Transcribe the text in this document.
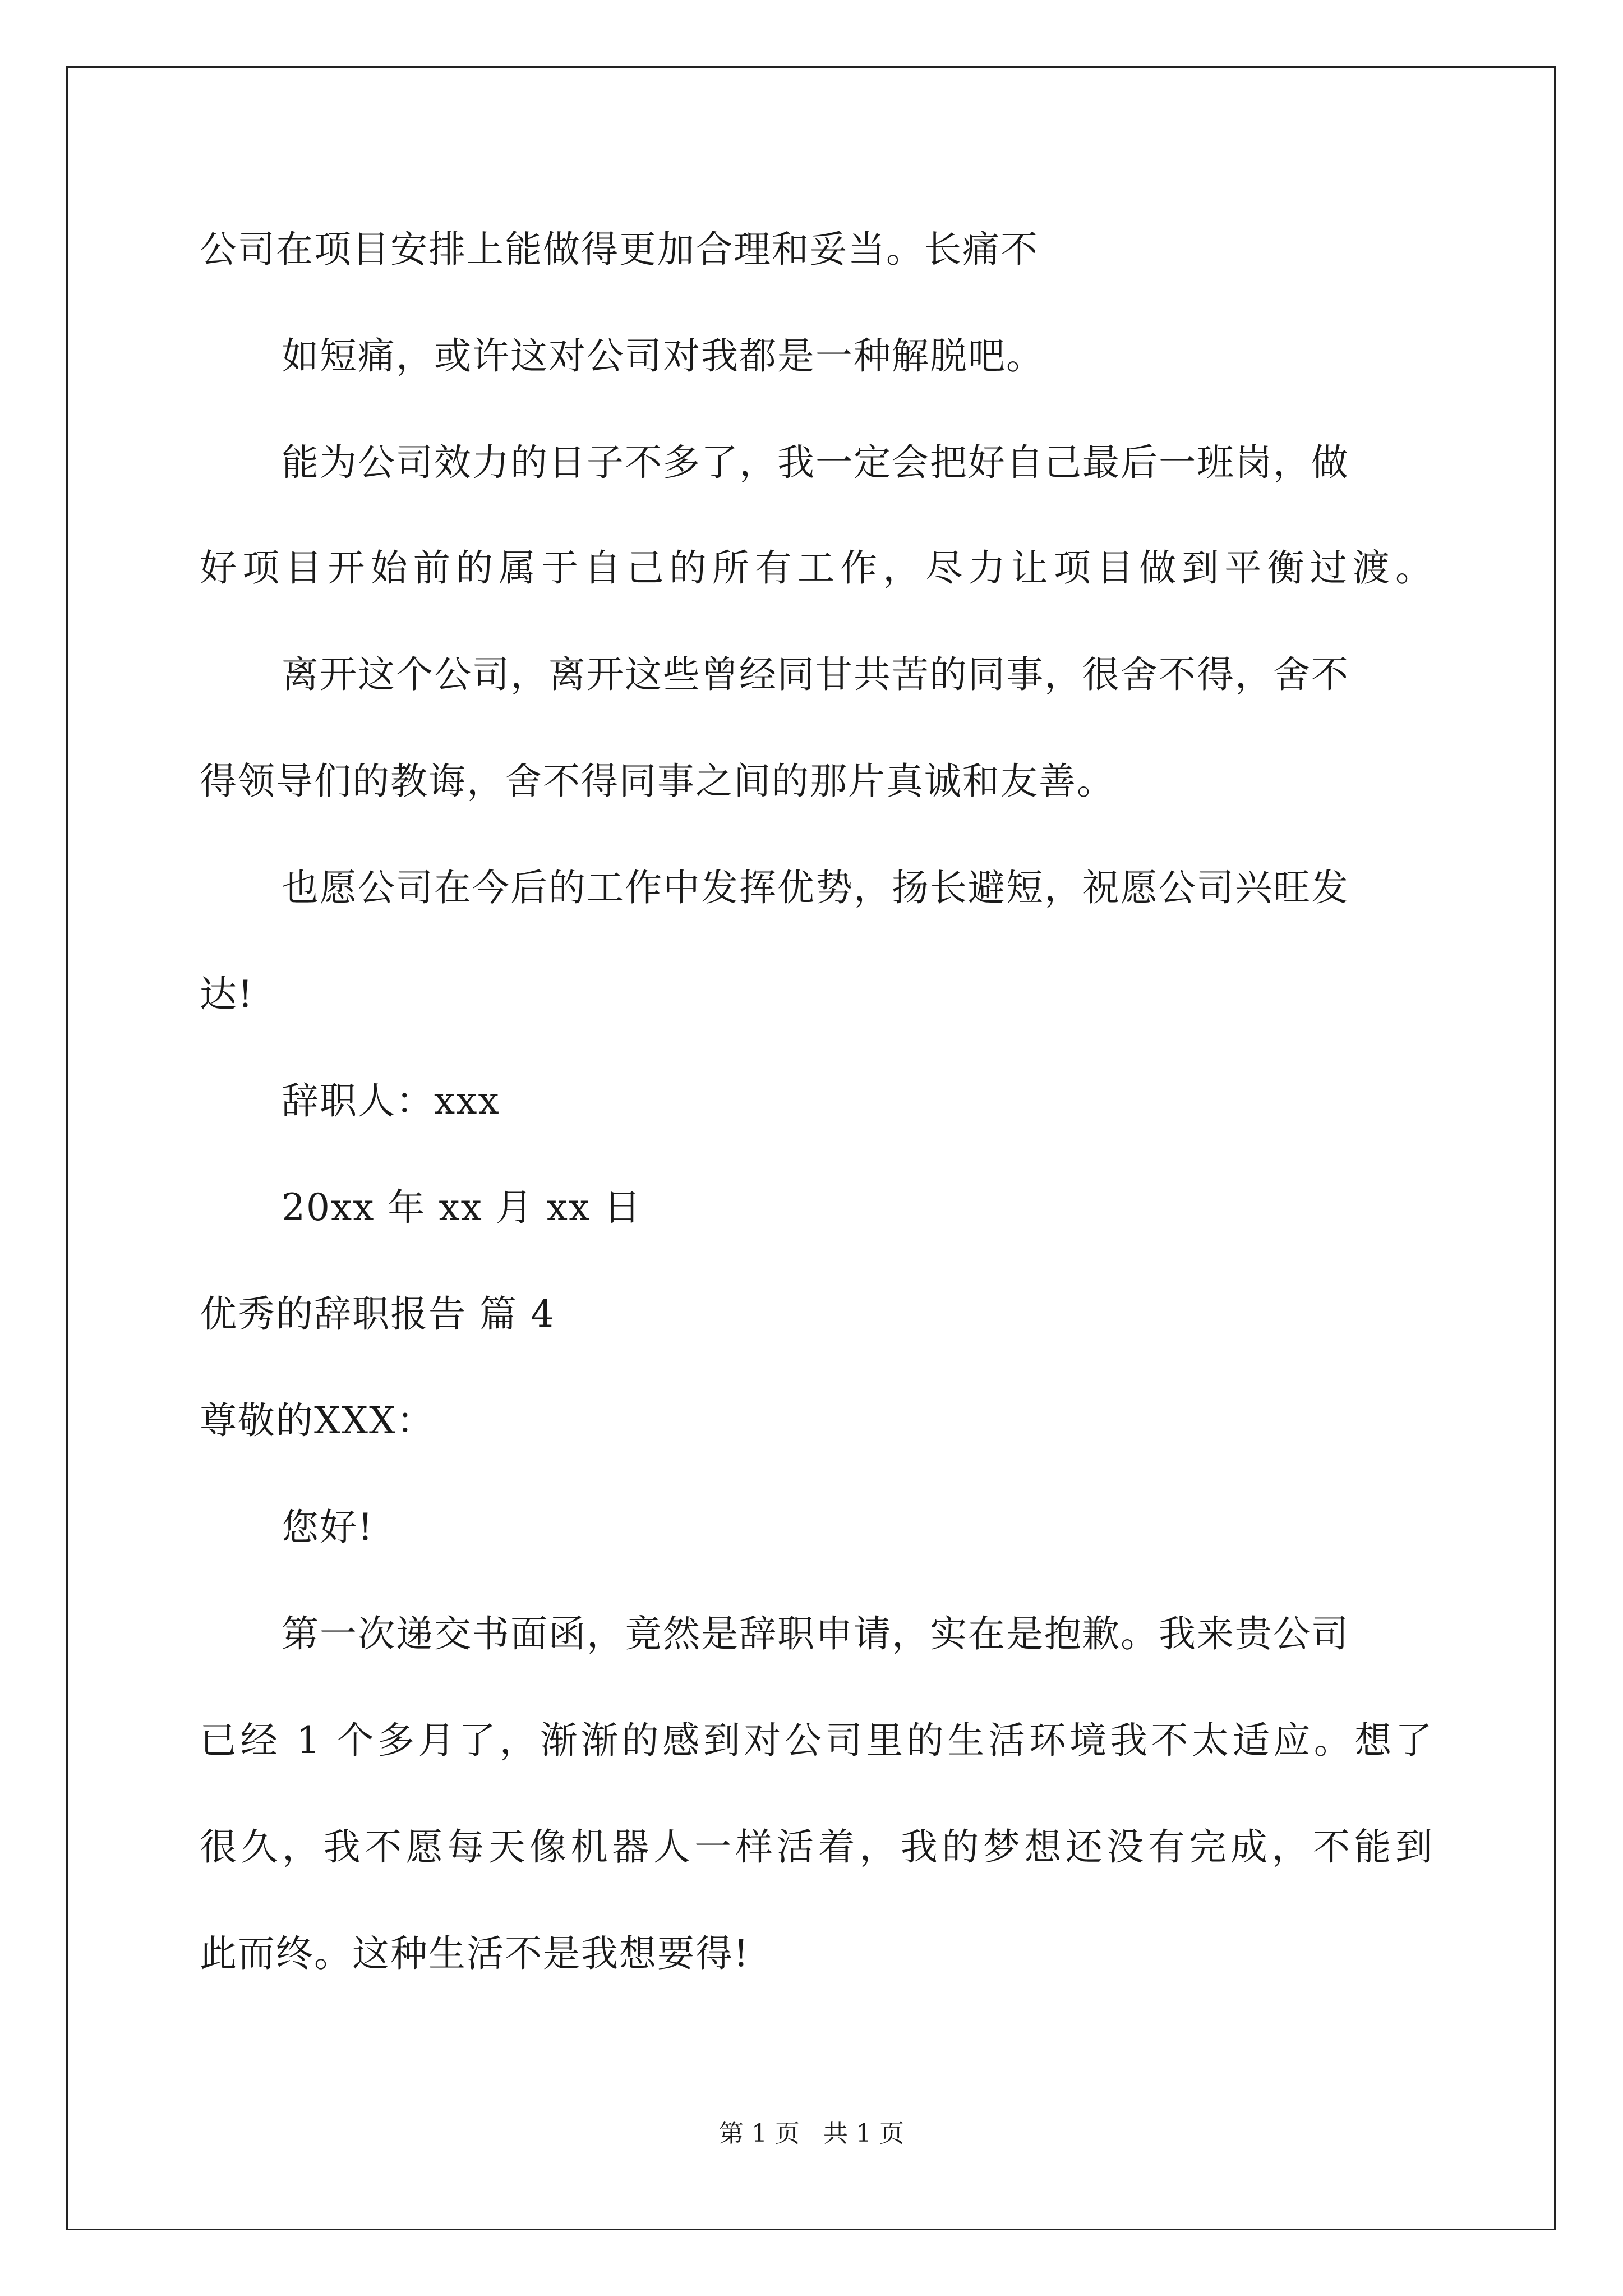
公司在项目安排上能做得更加合理和妥当。长痛不
如短痛，或许这对公司对我都是一种解脱吧。
能为公司效力的日子不多了，我一定会把好自己最后一班岗，做
好项目开始前的属于自己的所有工作，尽力让项目做到平衡过渡。
离开这个公司，离开这些曾经同甘共苦的同事，很舍不得，舍不
得领导们的教诲，舍不得同事之间的那片真诚和友善。
也愿公司在今后的工作中发挥优势，扬长避短，祝愿公司兴旺发
达!
辞职人：xxx
20xx 年 xx 月 xx 日
优秀的辞职报告 篇 4
尊敬的XXX：
您好!
第一次递交书面函，竟然是辞职申请，实在是抱歉。我来贵公司
已经 1 个多月了，渐渐的感到对公司里的生活环境我不太适应。想了
很久，我不愿每天像机器人一样活着，我的梦想还没有完成，不能到
此而终。这种生活不是我想要得!
第 1 页   共 1 页
